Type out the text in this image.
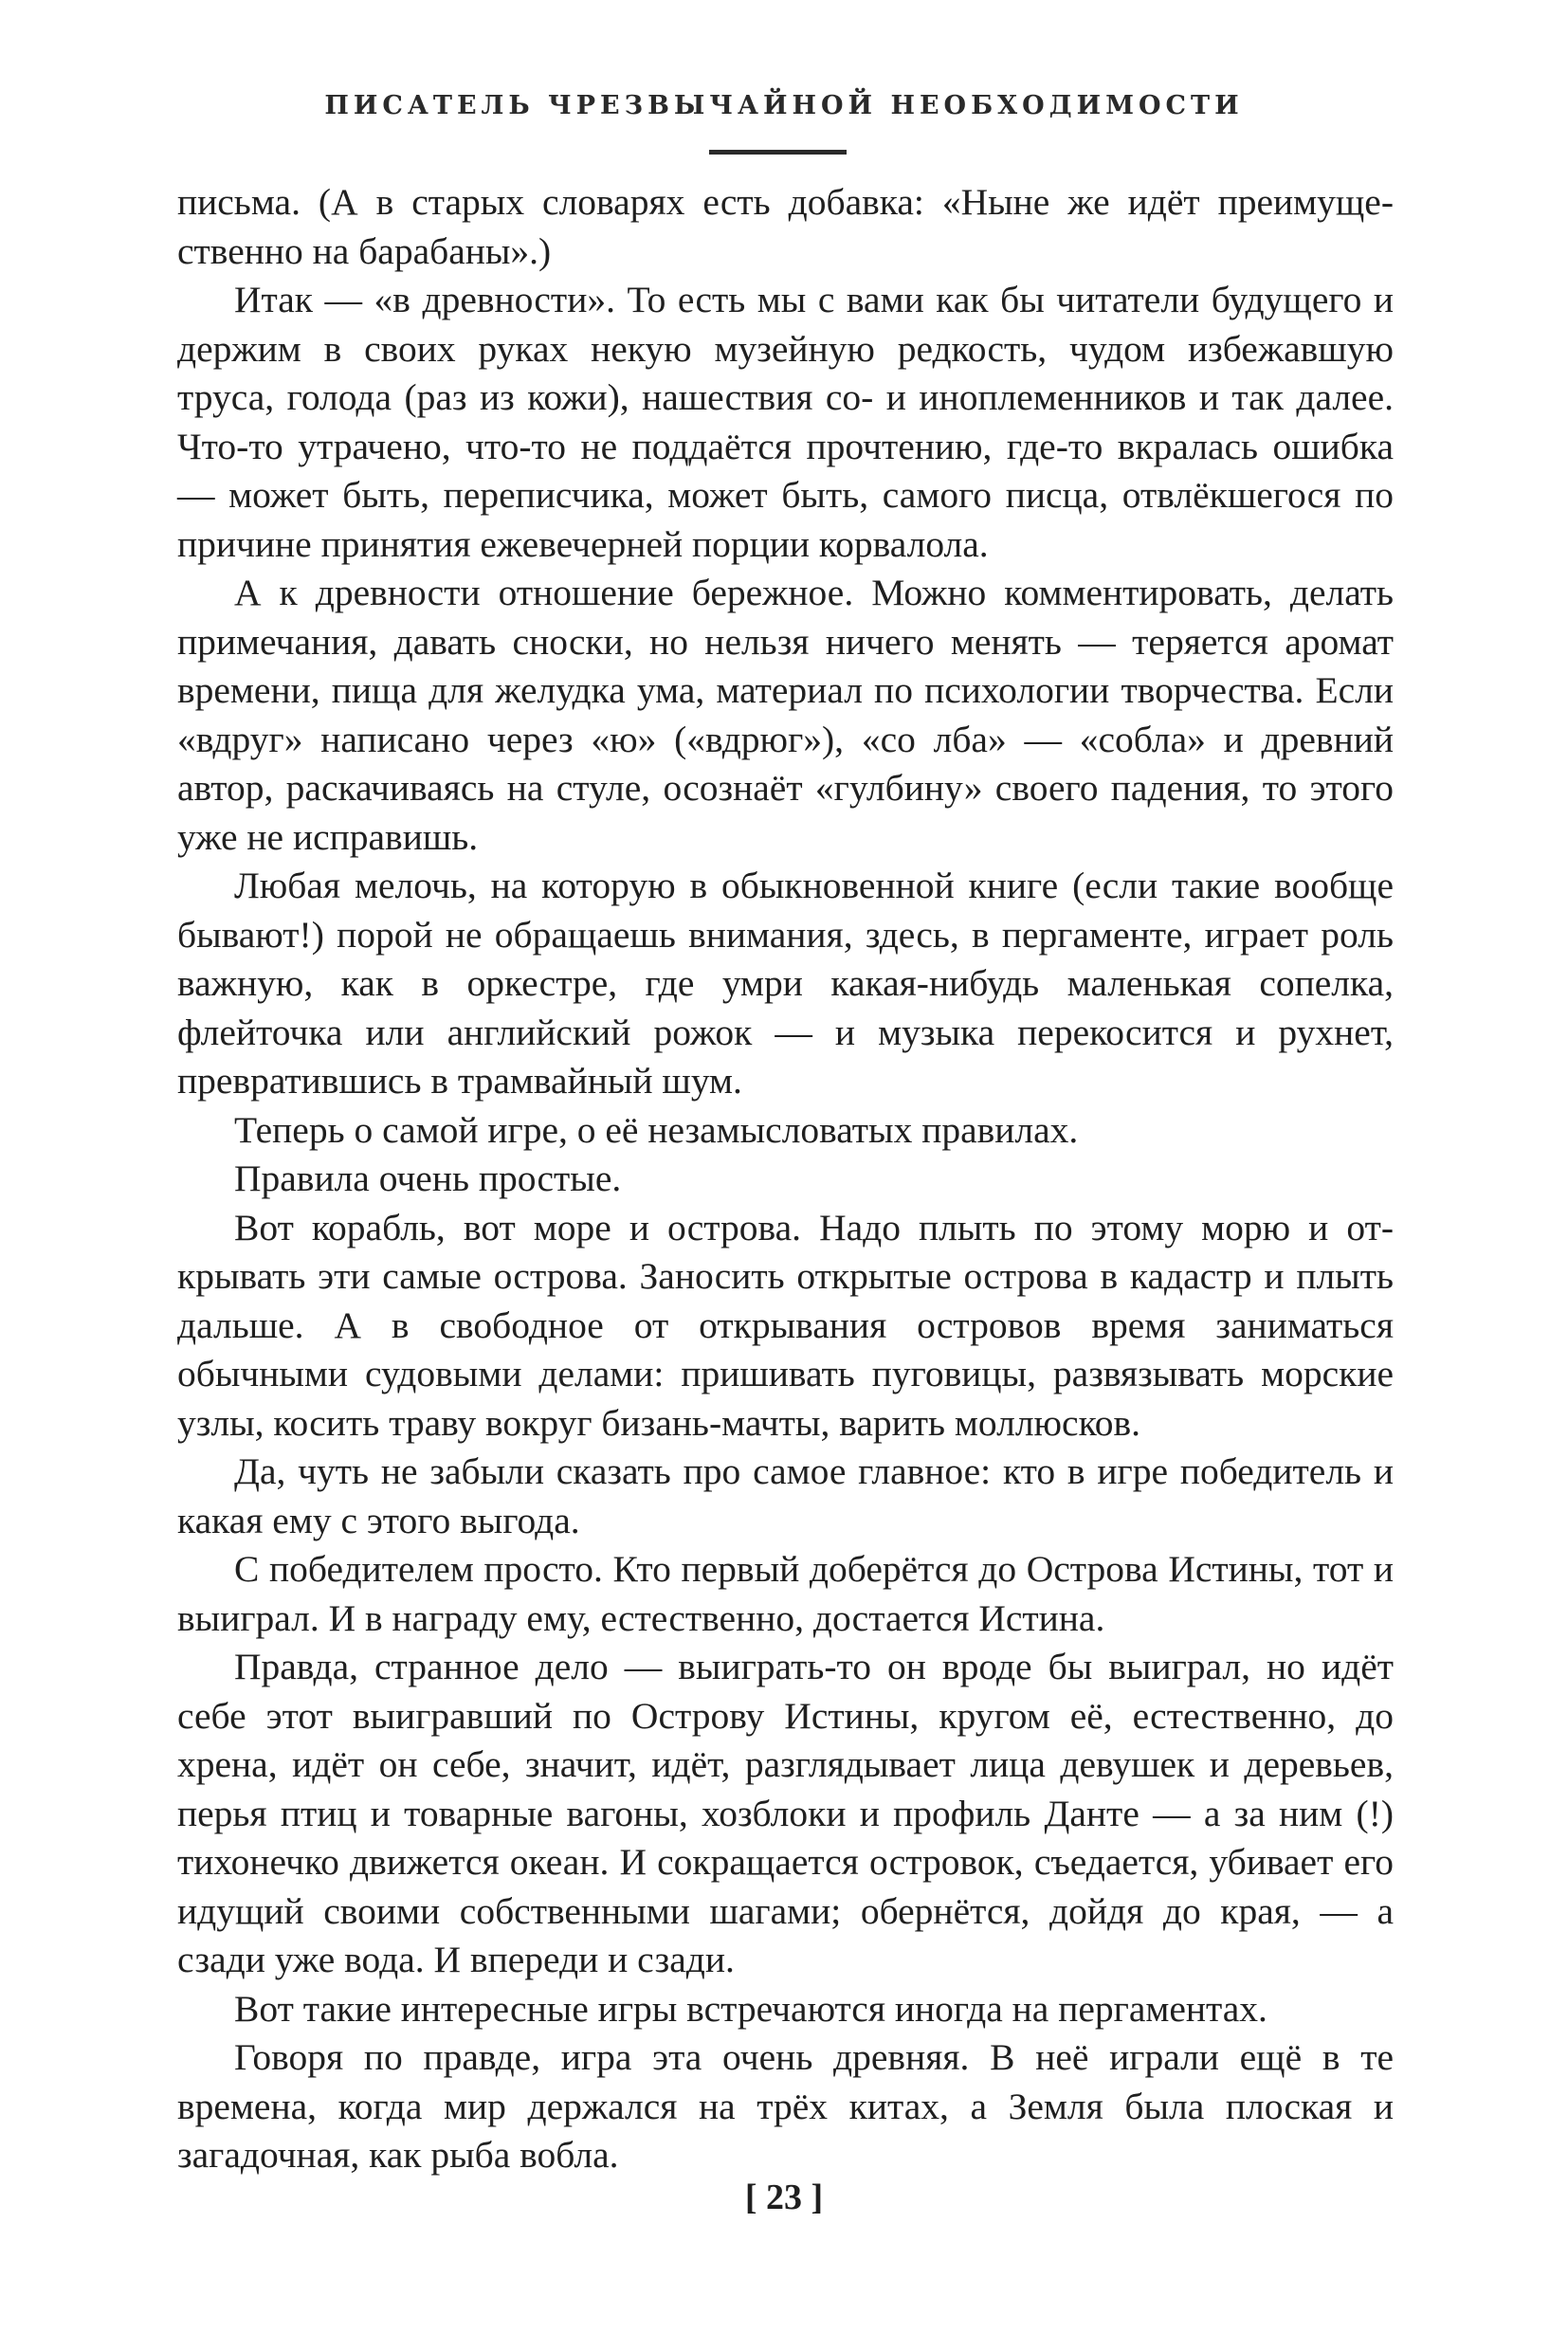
ПИСАТЕЛЬ ЧРЕЗВЫЧАЙНОЙ НЕОБХОДИМОСТИ

письма. (А в старых словарях есть добавка: «Ныне же идёт преимущественно на барабаны».)

Итак — «в древности». То есть мы с вами как бы читатели будущего и держим в своих руках некую музейную редкость, чудом избежавшую труса, голода (раз из кожи), нашествия со- и иноплеменников и так далее. Что-то утрачено, что-то не поддаётся прочтению, где-то вкралась ошибка — может быть, переписчика, может быть, самого писца, отвлёкшегося по причине принятия ежевечерней порции корвалола.

А к древности отношение бережное. Можно комментировать, делать примечания, давать сноски, но нельзя ничего менять — теряется аромат времени, пища для желудка ума, материал по психологии творчества. Если «вдруг» написано через «ю» («вдрюг»), «со лба» — «собла» и древний автор, раскачиваясь на стуле, осознаёт «гулбину» своего падения, то этого уже не исправишь.

Любая мелочь, на которую в обыкновенной книге (если такие вообще бывают!) порой не обращаешь внимания, здесь, в пергаменте, играет роль важную, как в оркестре, где умри какая-нибудь маленькая сопелка, флейточка или английский рожок — и музыка перекосится и рухнет, превратившись в трамвайный шум.

Теперь о самой игре, о её незамысловатых правилах.

Правила очень простые.

Вот корабль, вот море и острова. Надо плыть по этому морю и открывать эти самые острова. Заносить открытые острова в кадастр и плыть дальше. А в свободное от открывания островов время заниматься обычными судовыми делами: пришивать пуговицы, развязывать морские узлы, косить траву вокруг бизань-мачты, варить моллюсков.

Да, чуть не забыли сказать про самое главное: кто в игре победитель и какая ему с этого выгода.

С победителем просто. Кто первый доберётся до Острова Истины, тот и выиграл. И в награду ему, естественно, достается Истина.

Правда, странное дело — выиграть-то он вроде бы выиграл, но идёт себе этот выигравший по Острову Истины, кругом её, естественно, до хрена, идёт он себе, значит, идёт, разглядывает лица девушек и деревьев, перья птиц и товарные вагоны, хозблоки и профиль Данте — а за ним (!) тихонечко движется океан. И сокращается островок, съедается, убивает его идущий своими собственными шагами; обернётся, дойдя до края, — а сзади уже вода. И впереди и сзади.

Вот такие интересные игры встречаются иногда на пергаментах.

Говоря по правде, игра эта очень древняя. В неё играли ещё в те времена, когда мир держался на трёх китах, а Земля была плоская и загадочная, как рыба вобла.

[ 23 ]
